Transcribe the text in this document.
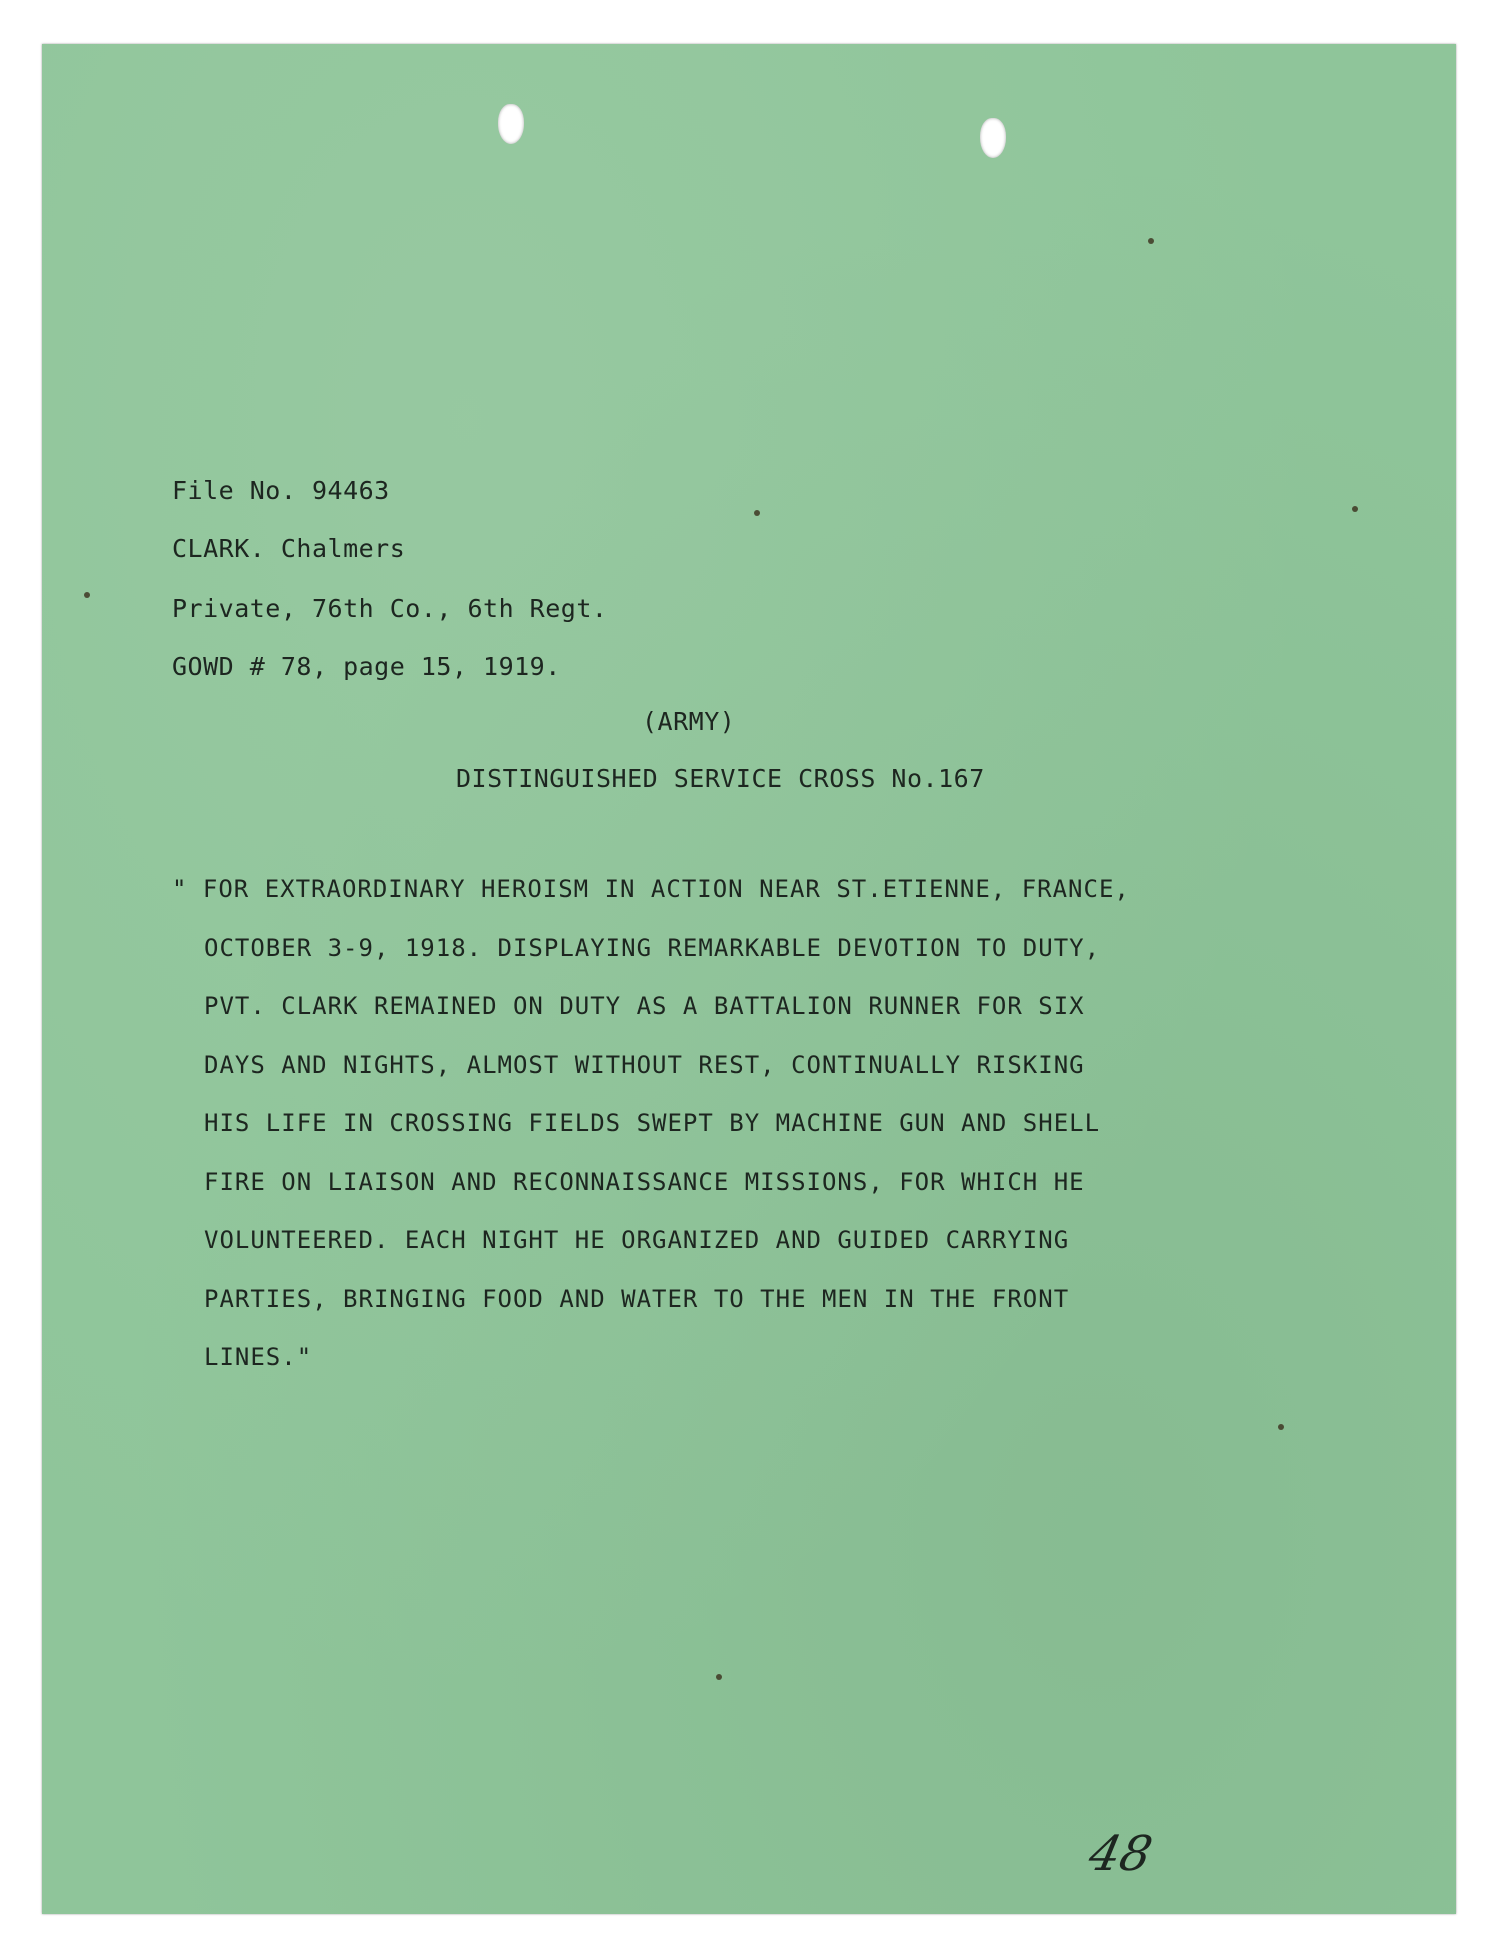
File No. 94463
CLARK. Chalmers
Private, 76th Co., 6th Regt.
GOWD # 78, page 15, 1919.
(ARMY)
DISTINGUISHED SERVICE CROSS No.167
" FOR EXTRAORDINARY HEROISM IN ACTION NEAR ST.ETIENNE, FRANCE,
OCTOBER 3-9, 1918. DISPLAYING REMARKABLE DEVOTION TO DUTY,
PVT. CLARK REMAINED ON DUTY AS A BATTALION RUNNER FOR SIX
DAYS AND NIGHTS, ALMOST WITHOUT REST, CONTINUALLY RISKING
HIS LIFE IN CROSSING FIELDS SWEPT BY MACHINE GUN AND SHELL
FIRE ON LIAISON AND RECONNAISSANCE MISSIONS, FOR WHICH HE
VOLUNTEERED. EACH NIGHT HE ORGANIZED AND GUIDED CARRYING
PARTIES, BRINGING FOOD AND WATER TO THE MEN IN THE FRONT
LINES."
48
